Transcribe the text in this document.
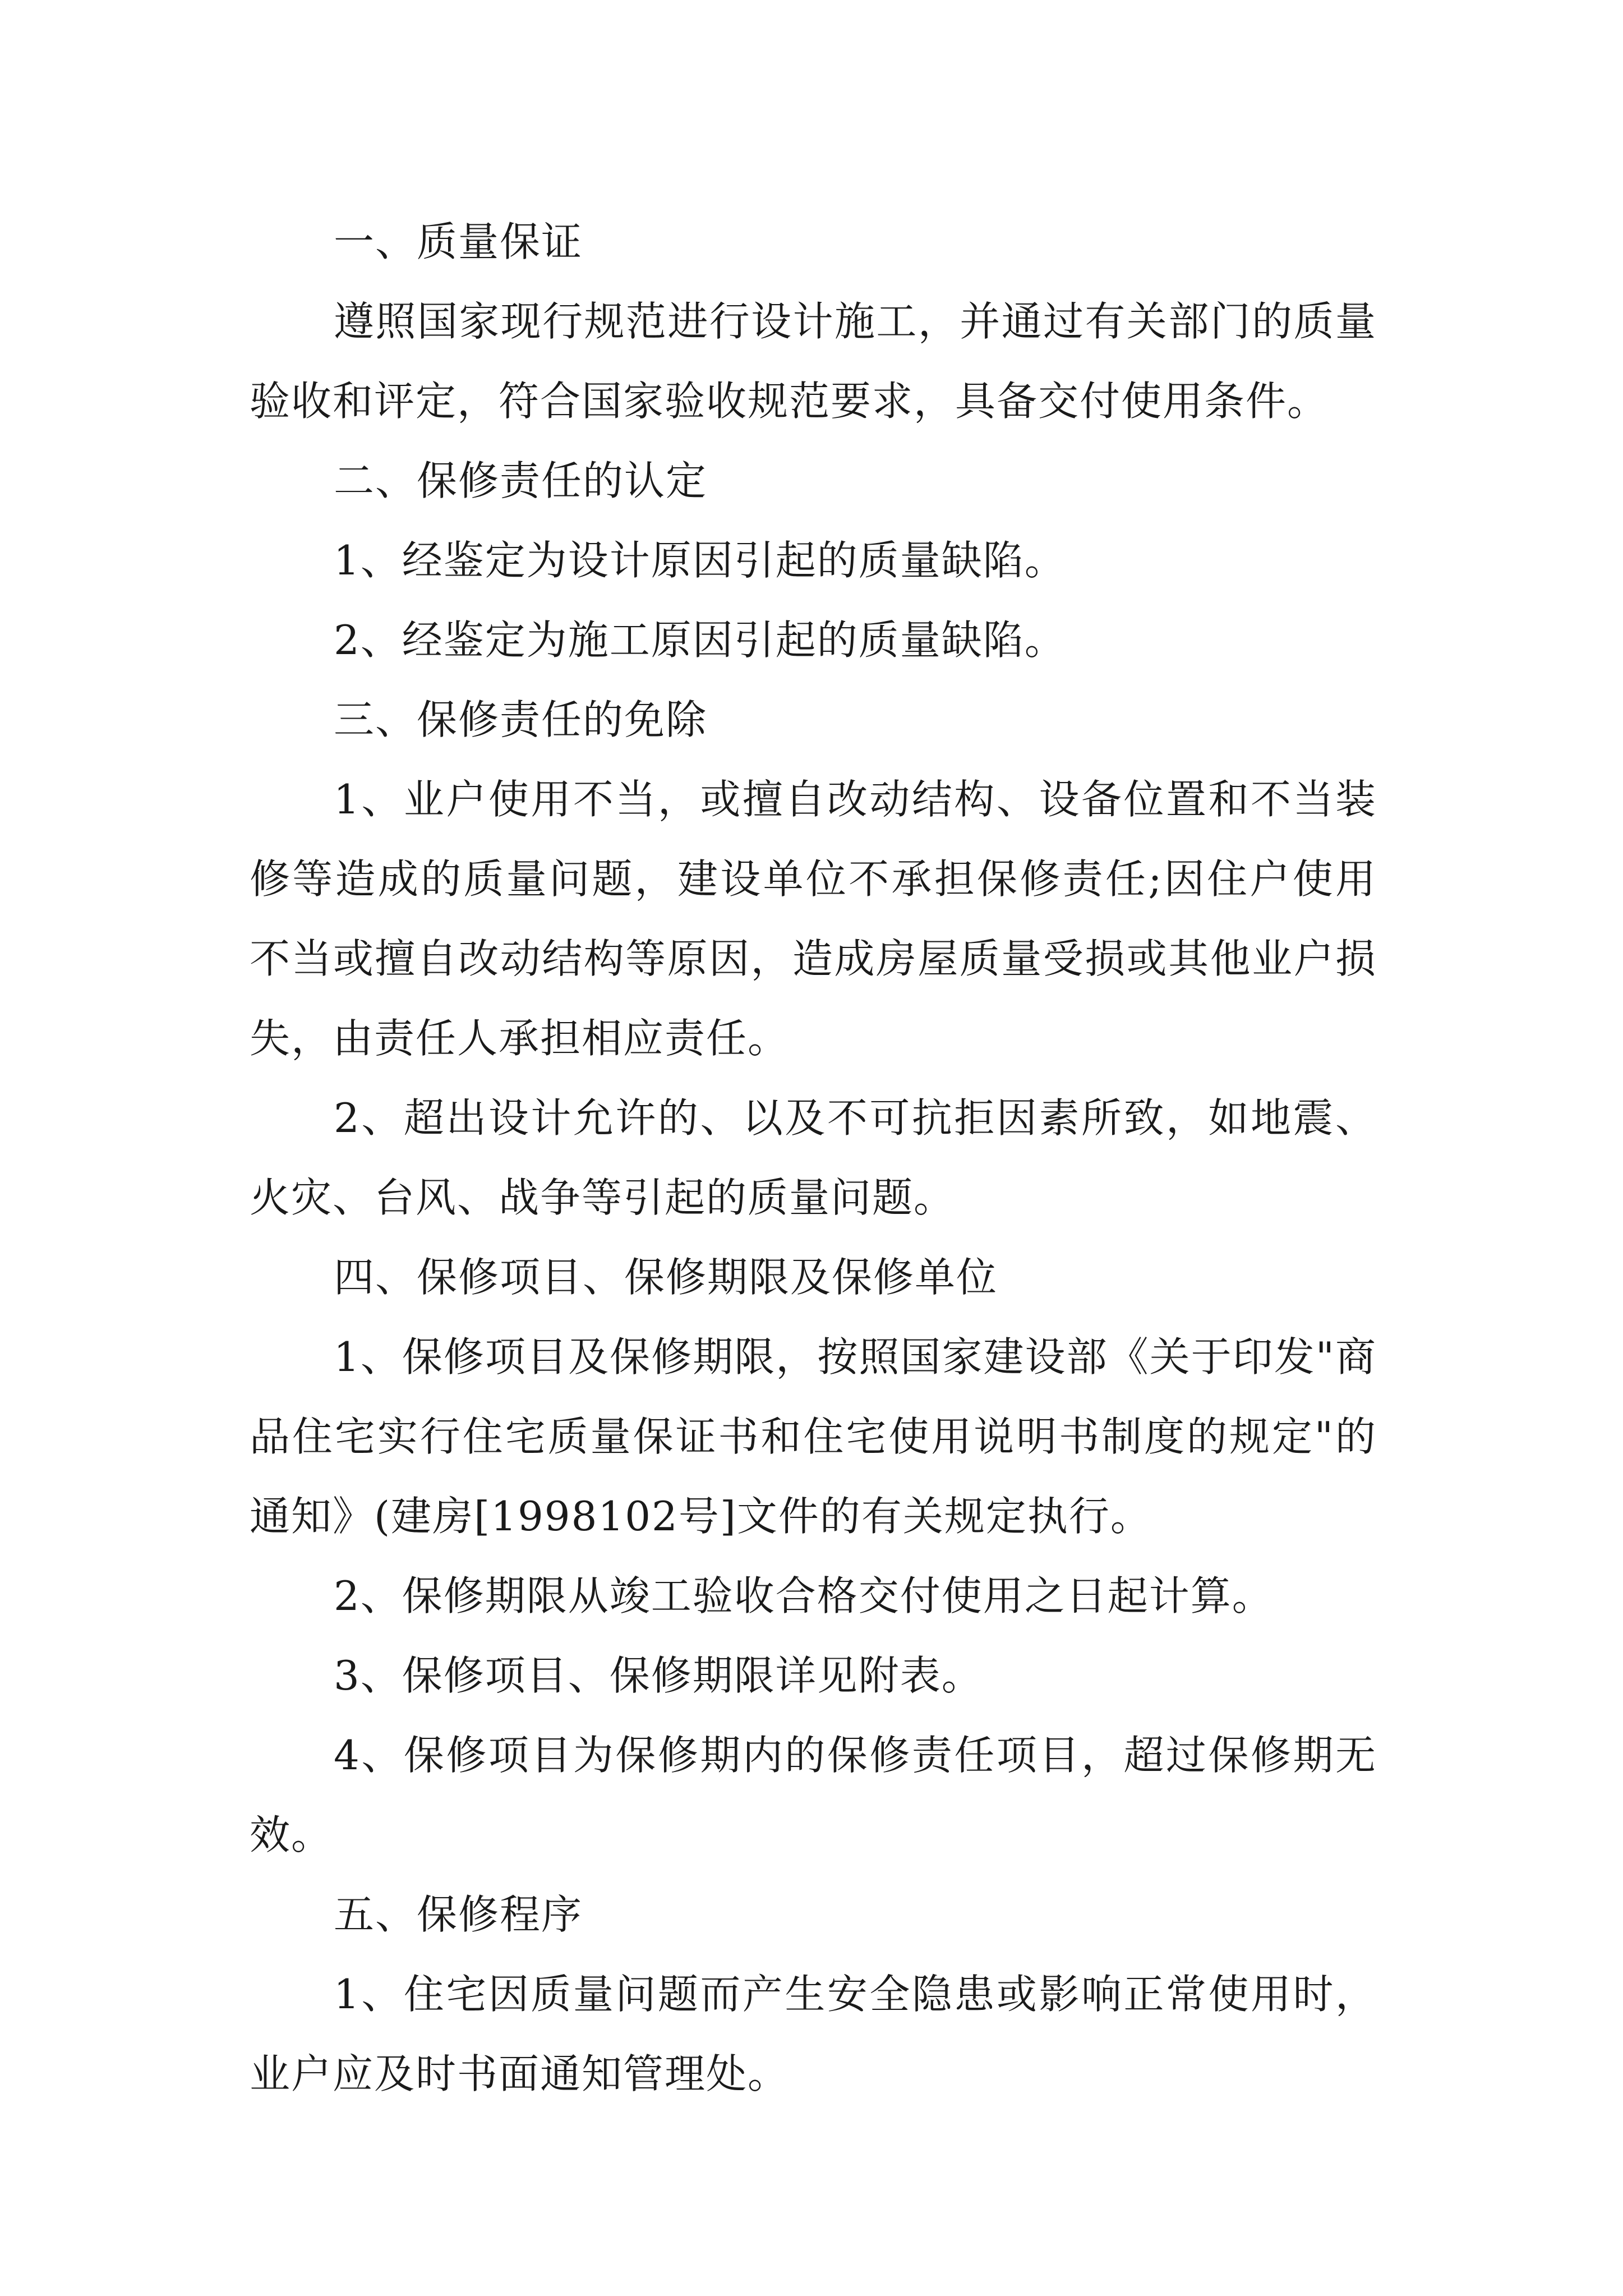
一、质量保证

遵照国家现行规范进行设计施工，并通过有关部门的质量验收和评定，符合国家验收规范要求，具备交付使用条件。

二、保修责任的认定

1、经鉴定为设计原因引起的质量缺陷。

2、经鉴定为施工原因引起的质量缺陷。

三、保修责任的免除

1、业户使用不当，或擅自改动结构、设备位置和不当装修等造成的质量问题，建设单位不承担保修责任;因住户使用不当或擅自改动结构等原因，造成房屋质量受损或其他业户损失，由责任人承担相应责任。

2、超出设计允许的、以及不可抗拒因素所致，如地震、火灾、台风、战争等引起的质量问题。

四、保修项目、保修期限及保修单位

1、保修项目及保修期限，按照国家建设部《关于印发"商品住宅实行住宅质量保证书和住宅使用说明书制度的规定"的通知》(建房[1998102号]文件的有关规定执行。

2、保修期限从竣工验收合格交付使用之日起计算。

3、保修项目、保修期限详见附表。

4、保修项目为保修期内的保修责任项目，超过保修期无效。

五、保修程序

1、住宅因质量问题而产生安全隐患或影响正常使用时，业户应及时书面通知管理处。
